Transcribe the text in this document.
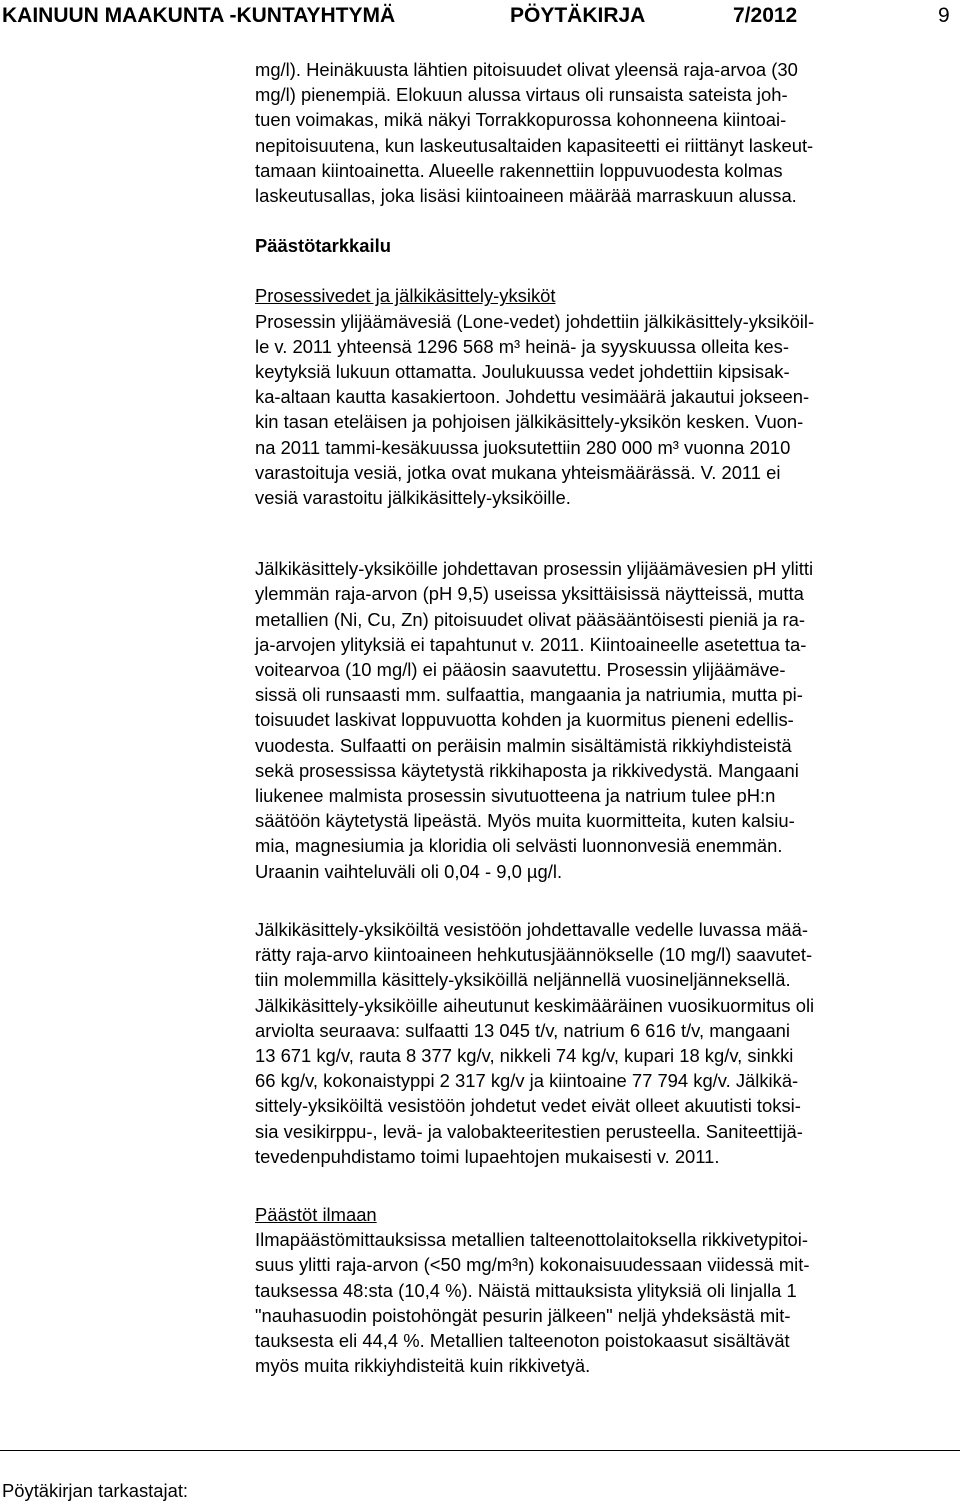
KAINUUN MAAKUNTA -KUNTAYHTYMÄ	PÖYTÄKIRJA	7/2012	9

mg/l). Heinäkuusta lähtien pitoisuudet olivat yleensä raja-arvoa (30
mg/l) pienempiä. Elokuun alussa virtaus oli runsaista sateista joh-
tuen voimakas, mikä näkyi Torrakkopurossa kohonneena kiintoai-
nepitoisuutena, kun laskeutusaltaiden kapasiteetti ei riittänyt laskeut-
tamaan kiintoainetta. Alueelle rakennettiin loppuvuodesta kolmas
laskeutusallas, joka lisäsi kiintoaineen määrää marraskuun alussa.

Päästötarkkailu

Prosessivedet ja jälkikäsittely-yksiköt

Prosessin ylijäämävesiä (Lone-vedet) johdettiin jälkikäsittely-yksiköil-
le v. 2011 yhteensä 1296 568 m³ heinä- ja syyskuussa olleita kes-
keytyksiä lukuun ottamatta. Joulukuussa vedet johdettiin kipsisak-
ka-altaan kautta kasakiertoon. Johdettu vesimäärä jakautui jokseen-
kin tasan eteläisen ja pohjoisen jälkikäsittely-yksikön kesken. Vuon-
na 2011 tammi-kesäkuussa juoksutettiin 280 000 m³ vuonna 2010
varastoituja vesiä, jotka ovat mukana yhteismäärässä. V. 2011 ei
vesiä varastoitu jälkikäsittely-yksiköille.

Jälkikäsittely-yksiköille johdettavan prosessin ylijäämävesien pH ylitti
ylemmän raja-arvon (pH 9,5) useissa yksittäisissä näytteissä, mutta
metallien (Ni, Cu, Zn) pitoisuudet olivat pääsääntöisesti pieniä ja ra-
ja-arvojen ylityksiä ei tapahtunut v. 2011. Kiintoaineelle asetettua ta-
voitearvoa (10 mg/l) ei pääosin saavutettu. Prosessin ylijäämäve-
sissä oli runsaasti mm. sulfaattia, mangaania ja natriumia, mutta pi-
toisuudet laskivat loppuvuotta kohden ja kuormitus pieneni edellis-
vuodesta. Sulfaatti on peräisin malmin sisältämistä rikkiyhdisteistä
sekä prosessissa käytetystä rikkihaposta ja rikkivedystä. Mangaani
liukenee malmista prosessin sivutuotteena ja natrium tulee pH:n
säätöön käytetystä lipeästä. Myös muita kuormitteita, kuten kalsiu-
mia, magnesiumia ja kloridia oli selvästi luonnonvesiä enemmän.
Uraanin vaihteluväli oli 0,04 - 9,0 µg/l.

Jälkikäsittely-yksiköiltä vesistöön johdettavalle vedelle luvassa mää-
rätty raja-arvo kiintoaineen hehkutusjäännökselle (10 mg/l) saavutet-
tiin molemmilla käsittely-yksiköillä neljännellä vuosineljänneksellä.
Jälkikäsittely-yksiköille aiheutunut keskimääräinen vuosikuormitus oli
arviolta seuraava: sulfaatti 13 045 t/v, natrium 6 616 t/v, mangaani
13 671 kg/v, rauta 8 377 kg/v, nikkeli 74 kg/v, kupari 18 kg/v, sinkki
66 kg/v, kokonaistyppi 2 317 kg/v ja kiintoaine 77 794 kg/v. Jälkikä-
sittely-yksiköiltä vesistöön johdetut vedet eivät olleet akuutisti toksi-
sia vesikirppu-, levä- ja valobakteeritestien perusteella. Saniteettijä-
tevedenpuhdistamo toimi lupaehtojen mukaisesti v. 2011.

Päästöt ilmaan

Ilmapäästömittauksissa metallien talteenottolaitoksella rikkivetypitoi-
suus ylitti raja-arvon (<50 mg/m³n) kokonaisuudessaan viidessä mit-
tauksessa 48:sta (10,4 %). Näistä mittauksista ylityksiä oli linjalla 1
"nauhasuodin poistohöngät pesurin jälkeen" neljä yhdeksästä mit-
tauksesta eli 44,4 %. Metallien talteenoton poistokaasut sisältävät
myös muita rikkiyhdisteitä kuin rikkivetyä.

Pöytäkirjan tarkastajat:
